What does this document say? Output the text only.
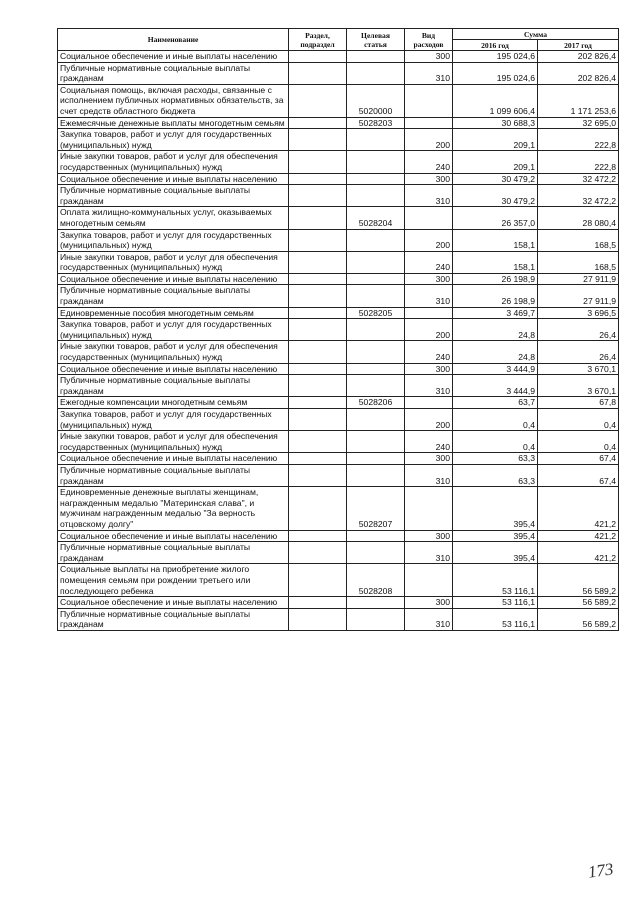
Наименование	Раздел, подраздел	Целевая статья	Вид расходов	Сумма	
				2016 год	2017 год
Социальное обеспечение и иные выплаты населению			300	195 024,6	202 826,4
Публичные нормативные социальные выплаты гражданам			310	195 024,6	202 826,4
Социальная помощь, включая расходы, связанные с исполнением публичных нормативных обязательств, за счет средств областного бюджета		5020000		1 099 606,4	1 171 253,6
Ежемесячные денежные выплаты многодетным семьям		5028203		30 688,3	32 695,0
Закупка товаров, работ и услуг для государственных (муниципальных) нужд			200	209,1	222,8
Иные закупки товаров, работ и услуг для обеспечения государственных (муниципальных) нужд			240	209,1	222,8
Социальное обеспечение и иные выплаты населению			300	30 479,2	32 472,2
Публичные нормативные социальные выплаты гражданам			310	30 479,2	32 472,2
Оплата жилищно-коммунальных услуг, оказываемых многодетным семьям		5028204		26 357,0	28 080,4
Закупка товаров, работ и услуг для государственных (муниципальных) нужд			200	158,1	168,5
Иные закупки товаров, работ и услуг для обеспечения государственных (муниципальных) нужд			240	158,1	168,5
Социальное обеспечение и иные выплаты населению			300	26 198,9	27 911,9
Публичные нормативные социальные выплаты гражданам			310	26 198,9	27 911,9
Единовременные пособия многодетным семьям		5028205		3 469,7	3 696,5
Закупка товаров, работ и услуг для государственных (муниципальных) нужд			200	24,8	26,4
Иные закупки товаров, работ и услуг для обеспечения государственных (муниципальных) нужд			240	24,8	26,4
Социальное обеспечение и иные выплаты населению			300	3 444,9	3 670,1
Публичные нормативные социальные выплаты гражданам			310	3 444,9	3 670,1
Ежегодные компенсации многодетным семьям		5028206		63,7	67,8
Закупка товаров, работ и услуг для государственных (муниципальных) нужд			200	0,4	0,4
Иные закупки товаров, работ и услуг для обеспечения государственных (муниципальных) нужд			240	0,4	0,4
Социальное обеспечение и иные выплаты населению			300	63,3	67,4
Публичные нормативные социальные выплаты гражданам			310	63,3	67,4
Единовременные денежные выплаты женщинам, награжденным медалью "Материнская слава", и мужчинам награжденным медалью "За верность отцовскому долгу"		5028207		395,4	421,2
Социальное обеспечение и иные выплаты населению			300	395,4	421,2
Публичные нормативные социальные выплаты гражданам			310	395,4	421,2
Социальные выплаты на приобретение жилого помещения семьям при рождении третьего или последующего ребенка		5028208		53 116,1	56 589,2
Социальное обеспечение и иные выплаты населению			300	53 116,1	56 589,2
Публичные нормативные социальные выплаты гражданам			310	53 116,1	56 589,2
173
